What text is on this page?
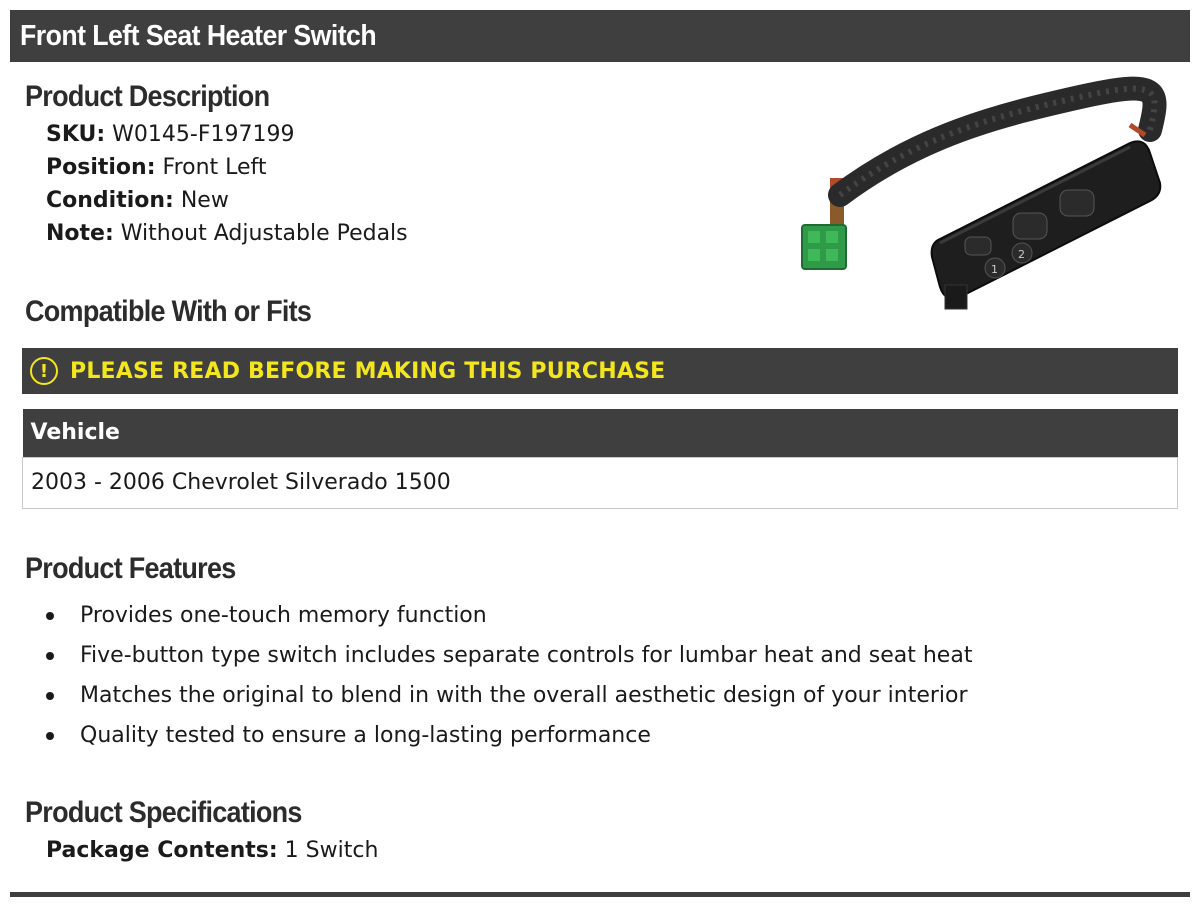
Front Left Seat Heater Switch
Product Description
SKU: W0145-F197199
Position: Front Left
Condition: New
Note: Without Adjustable Pedals
1
2
Compatible With or Fits
! PLEASE READ BEFORE MAKING THIS PURCHASE
Vehicle
2003 - 2006 Chevrolet Silverado 1500
Product Features
Provides one-touch memory function
Five-button type switch includes separate controls for lumbar heat and seat heat
Matches the original to blend in with the overall aesthetic design of your interior
Quality tested to ensure a long-lasting performance
Product Specifications
Package Contents: 1 Switch
